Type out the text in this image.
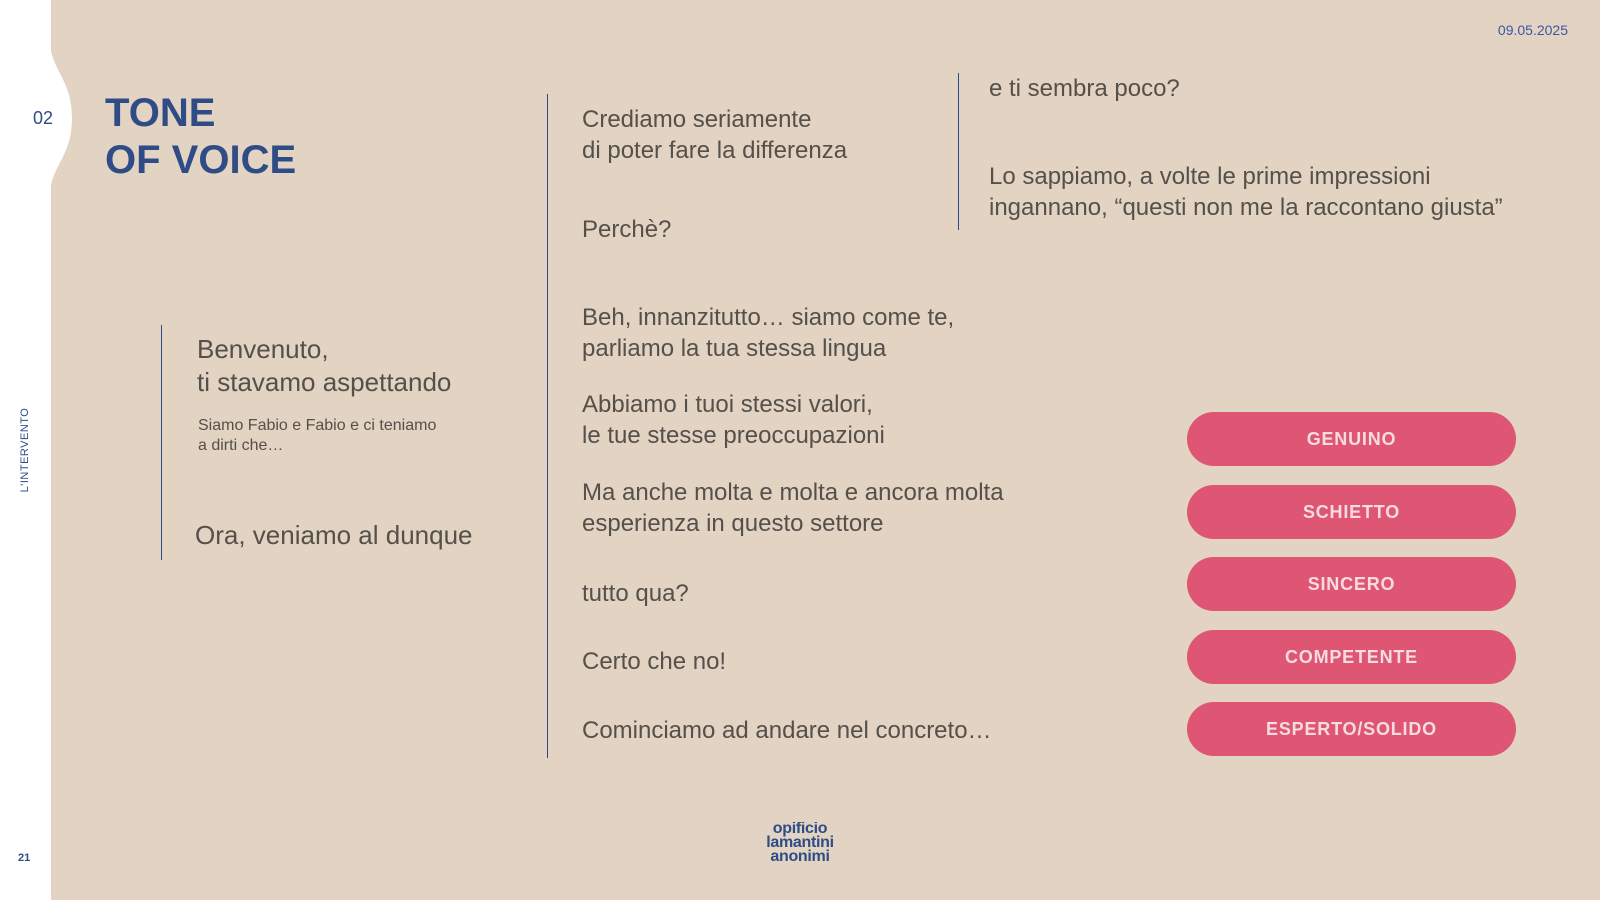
02
L'INTERVENTO
21
09.05.2025
TONE
OF VOICE
Benvenuto,
ti stavamo aspettando
Siamo Fabio e Fabio e ci teniamo
a dirti che…
Ora, veniamo al dunque
Crediamo seriamente
di poter fare la differenza
Perchè?
Beh, innanzitutto… siamo come te,
parliamo la tua stessa lingua
Abbiamo i tuoi stessi valori,
le tue stesse preoccupazioni
Ma anche molta e molta e ancora molta
esperienza in questo settore
tutto qua?
Certo che no!
Cominciamo ad andare nel concreto…
e ti sembra poco?
Lo sappiamo, a volte le prime impressioni
ingannano, “questi non me la raccontano giusta”
GENUINO
SCHIETTO
SINCERO
COMPETENTE
ESPERTO/SOLIDO
opificio
lamantini
anonimi
